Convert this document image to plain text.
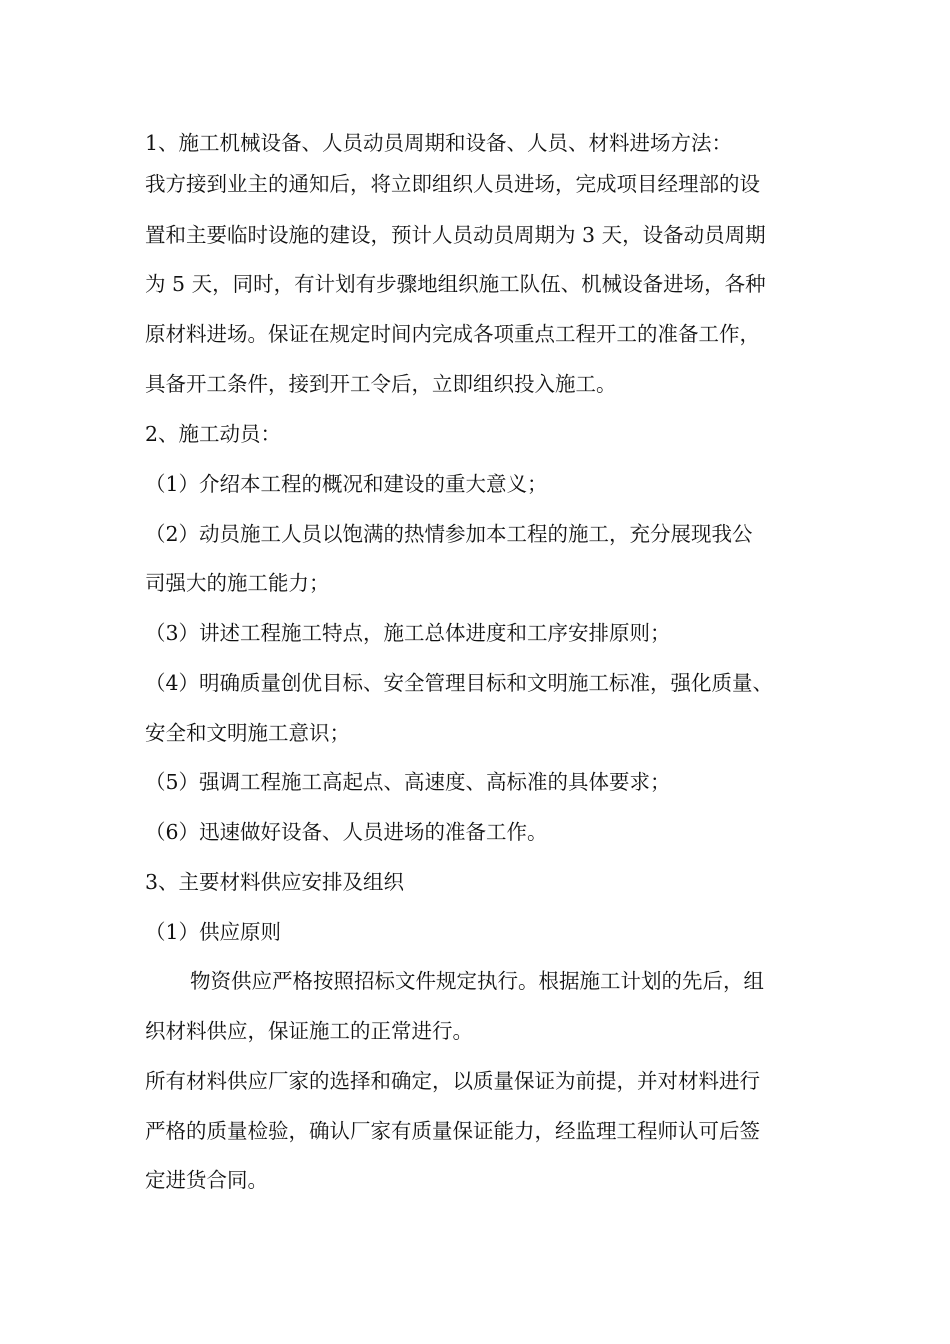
1、施工机械设备、人员动员周期和设备、人员、材料进场方法：
我方接到业主的通知后，将立即组织人员进场，完成项目经理部的设
置和主要临时设施的建设，预计人员动员周期为 3 天，设备动员周期
为 5 天，同时，有计划有步骤地组织施工队伍、机械设备进场，各种
原材料进场。保证在规定时间内完成各项重点工程开工的准备工作，
具备开工条件，接到开工令后，立即组织投入施工。
2、施工动员：
（1）介绍本工程的概况和建设的重大意义；
（2）动员施工人员以饱满的热情参加本工程的施工，充分展现我公
司强大的施工能力；
（3）讲述工程施工特点，施工总体进度和工序安排原则；
（4）明确质量创优目标、安全管理目标和文明施工标准，强化质量、
安全和文明施工意识；
（5）强调工程施工高起点、高速度、高标准的具体要求；
（6）迅速做好设备、人员进场的准备工作。
3、主要材料供应安排及组织
（1）供应原则
物资供应严格按照招标文件规定执行。根据施工计划的先后，组
织材料供应，保证施工的正常进行。
所有材料供应厂家的选择和确定，以质量保证为前提，并对材料进行
严格的质量检验，确认厂家有质量保证能力，经监理工程师认可后签
定进货合同。
